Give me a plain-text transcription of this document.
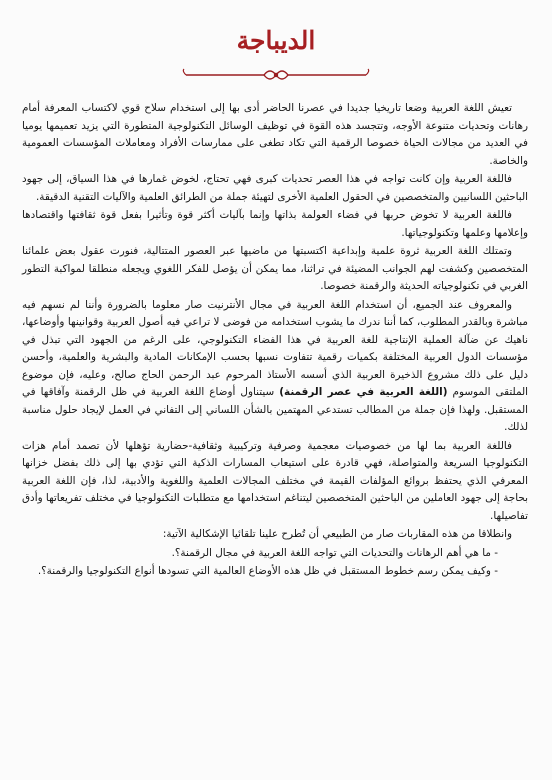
الديباجة

تعيش اللغة العربية وضعا تاريخيا جديدا في عصرنا الحاضر أدى بها إلى استخدام سلاح قوي لاكتساب المعرفة أمام رهانات وتحديات متنوعة الأوجه، وتتجسد هذه القوة في توظيف الوسائل التكنولوجية المتطورة التي يزيد تعميمها يوميا في العديد من مجالات الحياة خصوصا الرقمية التي تكاد تطغى على ممارسات الأفراد ومعاملات المؤسسات العمومية والخاصة.

فاللغة العربية وإن كانت تواجه في هذا العصر تحديات كبرى فهي تحتاج، لخوض غمارها في هذا السياق، إلى جهود الباحثين اللسانيين والمتخصصين في الحقول العلمية الأخرى لتهيئة جملة من الطرائق العلمية والآليات التقنية الدقيقة.

فاللغة العربية لا تخوض حربها في فضاء العولمة بذاتها وإنما بآليات أكثر قوة وتأثيرا بفعل قوة ثقافتها واقتصادها وإعلامها وعلمها وتكنولوجياتها.

وتمتلك اللغة العربية ثروة علمية وإبداعية اكتسبتها من ماضيها عبر العصور المتتالية، فنورت عقول بعض علمائنا المتخصصين وكشفت لهم الجوانب المضيئة في تراثنا، مما يمكن أن يؤصل للفكر اللغوي ويجعله منطلقا لمواكبة التطور الغربي في تكنولوجياته الحديثة والرقمنة خصوصا.

والمعروف عند الجميع، أن استخدام اللغة العربية في مجال الأنترنيت صار معلوما بالضرورة وأننا لم نسهم فيه مباشرة وبالقدر المطلوب، كما أننا ندرك ما يشوب استخدامه من فوضى لا تراعي فيه أصول العربية وقوانينها وأوضاعها، ناهيك عن ضآلة العملية الإنتاجية للغة العربية في هذا الفضاء التكنولوجي، على الرغم من الجهود التي تبذل في مؤسسات الدول العربية المختلفة بكميات رقمية تتفاوت نسبها بحسب الإمكانات المادية والبشرية والعلمية، وأحسن دليل على ذلك مشروع الذخيرة العربية الذي أسسه الأستاذ المرحوم عبد الرحمن الحاج صالح، وعليه، فإن موضوع الملتقى الموسوم (اللغة العربية في عصر الرقمنة) سيتناول أوضاع اللغة العربية في ظل الرقمنة وآفاقها في المستقبل. ولهذا فإن جملة من المطالب تستدعي المهتمين بالشأن اللساني إلى التفاني في العمل لإيجاد حلول مناسبة لذلك.

فاللغة العربية بما لها من خصوصيات معجمية وصرفية وتركيبية وثقافية-حضارية تؤهلها لأن تصمد أمام هزات التكنولوجيا السريعة والمتواصلة، فهي قادرة على استيعاب المسارات الذكية التي تؤدي بها إلى ذلك بفضل خزانها المعرفي الذي يحتفظ بروائع المؤلفات القيمة في مختلف المجالات العلمية واللغوية والأدبية، لذا، فإن اللغة العربية بحاجة إلى جهود العاملين من الباحثين المتخصصين ليتناغم استخدامها مع متطلبات التكنولوجيا في مختلف تفريعاتها وأدق تفاصيلها.

وانطلاقا من هذه المقاربات صار من الطبيعي أن تُطرح علينا تلقائيا الإشكالية الآتية:

- ما هي أهم الرهانات والتحديات التي تواجه اللغة العربية في مجال الرقمنة؟.

- وكيف يمكن رسم خطوط المستقبل في ظل هذه الأوضاع العالمية التي تسودها أنواع التكنولوجيا والرقمنة؟.
